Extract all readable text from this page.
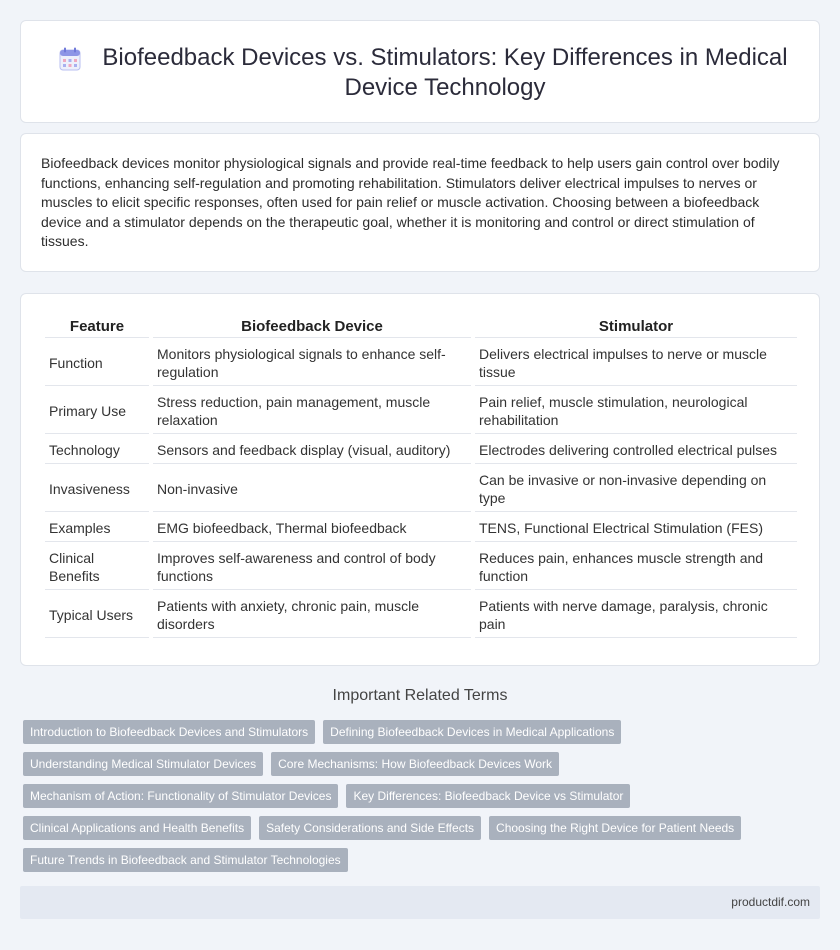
Biofeedback Devices vs. Stimulators: Key Differences in Medical Device Technology

Biofeedback devices monitor physiological signals and provide real-time feedback to help users gain control over bodily functions, enhancing self-regulation and promoting rehabilitation. Stimulators deliver electrical impulses to nerves or muscles to elicit specific responses, often used for pain relief or muscle activation. Choosing between a biofeedback device and a stimulator depends on the therapeutic goal, whether it is monitoring and control or direct stimulation of tissues.

Feature	Biofeedback Device	Stimulator
Function	Monitors physiological signals to enhance self-regulation	Delivers electrical impulses to nerve or muscle tissue
Primary Use	Stress reduction, pain management, muscle relaxation	Pain relief, muscle stimulation, neurological rehabilitation
Technology	Sensors and feedback display (visual, auditory)	Electrodes delivering controlled electrical pulses
Invasiveness	Non-invasive	Can be invasive or non-invasive depending on type
Examples	EMG biofeedback, Thermal biofeedback	TENS, Functional Electrical Stimulation (FES)
Clinical Benefits	Improves self-awareness and control of body functions	Reduces pain, enhances muscle strength and function
Typical Users	Patients with anxiety, chronic pain, muscle disorders	Patients with nerve damage, paralysis, chronic pain
Important Related Terms
Introduction to Biofeedback Devices and Stimulators	Defining Biofeedback Devices in Medical Applications
Understanding Medical Stimulator Devices	Core Mechanisms: How Biofeedback Devices Work
Mechanism of Action: Functionality of Stimulator Devices	Key Differences: Biofeedback Device vs Stimulator
Clinical Applications and Health Benefits	Safety Considerations and Side Effects	Choosing the Right Device for Patient Needs
Future Trends in Biofeedback and Stimulator Technologies
productdif.com
